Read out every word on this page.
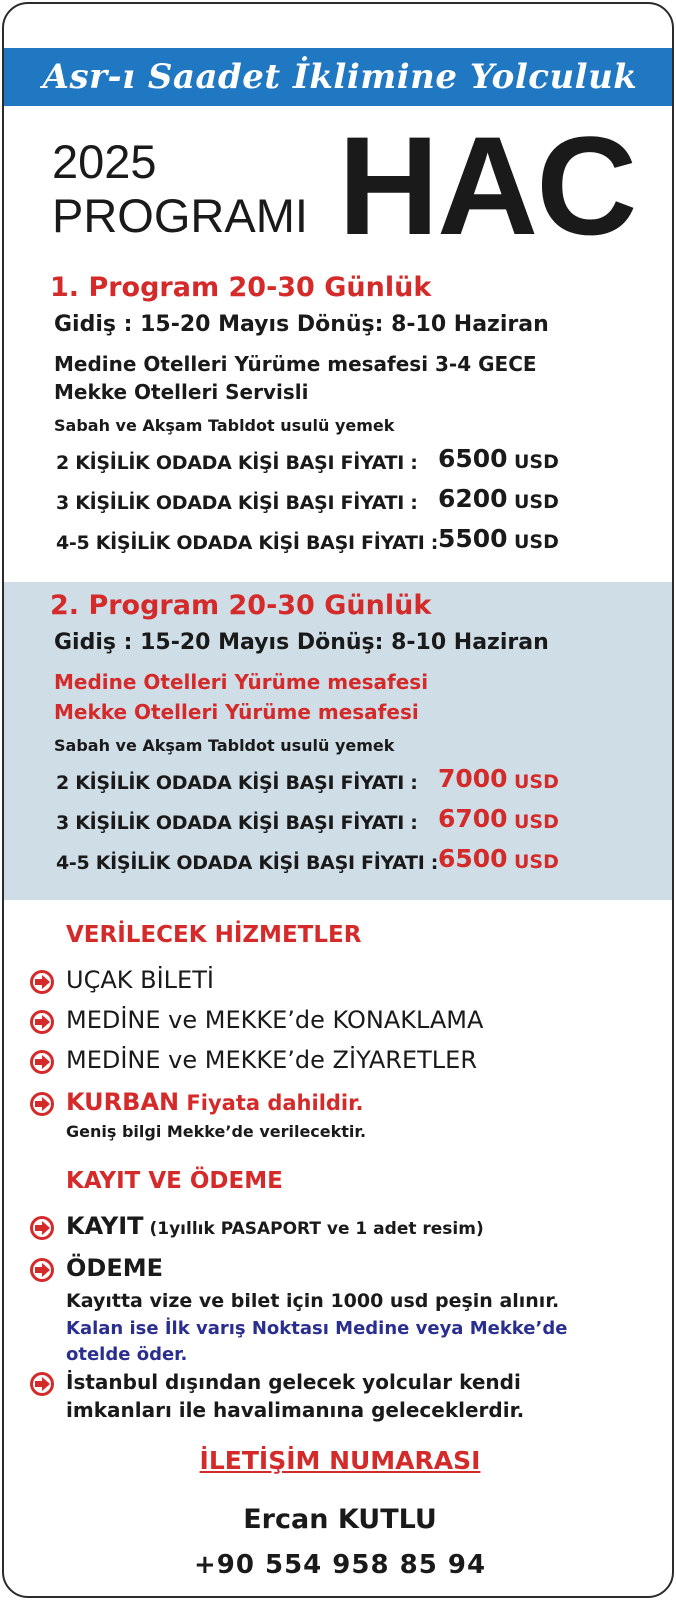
Asr-ı Saadet İklimine Yolculuk
2025
PROGRAMI HAC
1. Program 20-30 Günlük
Gidiş : 15-20 Mayıs Dönüş: 8-10 Haziran
Medine Otelleri Yürüme mesafesi 3-4 GECE
Mekke Otelleri Servisli
Sabah ve Akşam Tabldot usulü yemek
2 KİŞİLİK ODADA KİŞİ BAŞI FİYATI : 6500 USD
3 KİŞİLİK ODADA KİŞİ BAŞI FİYATI : 6200 USD
4-5 KİŞİLİK ODADA KİŞİ BAŞI FİYATI : 5500 USD
2. Program 20-30 Günlük
Gidiş : 15-20 Mayıs Dönüş: 8-10 Haziran
Medine Otelleri Yürüme mesafesi
Mekke Otelleri Yürüme mesafesi
Sabah ve Akşam Tabldot usulü yemek
2 KİŞİLİK ODADA KİŞİ BAŞI FİYATI : 7000 USD
3 KİŞİLİK ODADA KİŞİ BAŞI FİYATI : 6700 USD
4-5 KİŞİLİK ODADA KİŞİ BAŞI FİYATI : 6500 USD
VERİLECEK HİZMETLER
UÇAK BİLETİ
MEDİNE ve MEKKE’de KONAKLAMA
MEDİNE ve MEKKE’de ZİYARETLER
KURBAN Fiyata dahildir.
Geniş bilgi Mekke’de verilecektir.
KAYIT VE ÖDEME
KAYIT (1yıllık PASAPORT ve 1 adet resim)
ÖDEME
Kayıtta vize ve bilet için 1000 usd peşin alınır.
Kalan ise İlk varış Noktası Medine veya Mekke’de
otelde öder.
İstanbul dışından gelecek yolcular kendi
imkanları ile havalimanına geleceklerdir.
İLETİŞİM NUMARASI
Ercan KUTLU
+90 554 958 85 94
